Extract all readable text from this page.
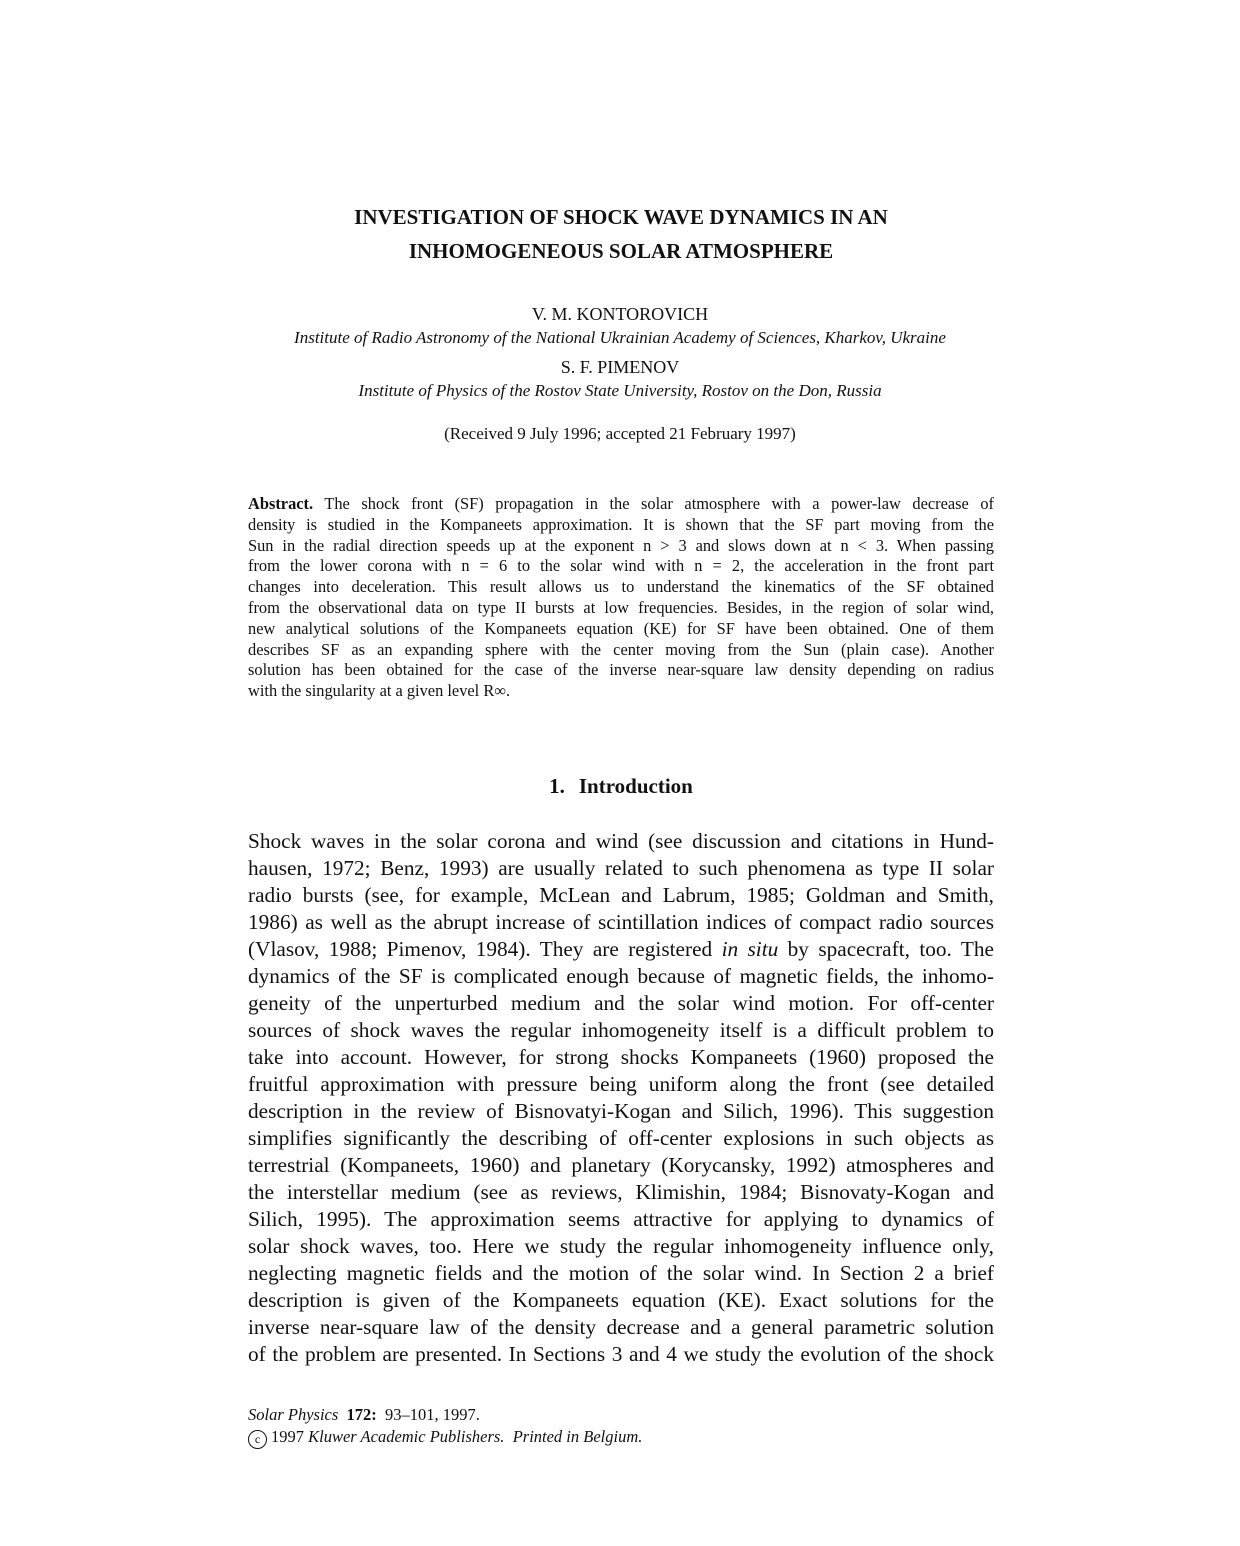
INVESTIGATION OF SHOCK WAVE DYNAMICS IN AN
INHOMOGENEOUS SOLAR ATMOSPHERE
V. M. KONTOROVICH
Institute of Radio Astronomy of the National Ukrainian Academy of Sciences, Kharkov, Ukraine
S. F. PIMENOV
Institute of Physics of the Rostov State University, Rostov on the Don, Russia
(Received 9 July 1996; accepted 21 February 1997)
Abstract. The shock front (SF) propagation in the solar atmosphere with a power-law decrease of
density is studied in the Kompaneets approximation. It is shown that the SF part moving from the
Sun in the radial direction speeds up at the exponent n > 3 and slows down at n < 3. When passing
from the lower corona with n = 6 to the solar wind with n = 2, the acceleration in the front part
changes into deceleration. This result allows us to understand the kinematics of the SF obtained
from the observational data on type II bursts at low frequencies. Besides, in the region of solar wind,
new analytical solutions of the Kompaneets equation (KE) for SF have been obtained. One of them
describes SF as an expanding sphere with the center moving from the Sun (plain case). Another
solution has been obtained for the case of the inverse near-square law density depending on radius
with the singularity at a given level R∞.
1. Introduction
Shock waves in the solar corona and wind (see discussion and citations in Hund-
hausen, 1972; Benz, 1993) are usually related to such phenomena as type II solar
radio bursts (see, for example, McLean and Labrum, 1985; Goldman and Smith,
1986) as well as the abrupt increase of scintillation indices of compact radio sources
(Vlasov, 1988; Pimenov, 1984). They are registered in situ by spacecraft, too. The
dynamics of the SF is complicated enough because of magnetic fields, the inhomo-
geneity of the unperturbed medium and the solar wind motion. For off-center
sources of shock waves the regular inhomogeneity itself is a difficult problem to
take into account. However, for strong shocks Kompaneets (1960) proposed the
fruitful approximation with pressure being uniform along the front (see detailed
description in the review of Bisnovatyi-Kogan and Silich, 1996). This suggestion
simplifies significantly the describing of off-center explosions in such objects as
terrestrial (Kompaneets, 1960) and planetary (Korycansky, 1992) atmospheres and
the interstellar medium (see as reviews, Klimishin, 1984; Bisnovaty-Kogan and
Silich, 1995). The approximation seems attractive for applying to dynamics of
solar shock waves, too. Here we study the regular inhomogeneity influence only,
neglecting magnetic fields and the motion of the solar wind. In Section 2 a brief
description is given of the Kompaneets equation (KE). Exact solutions for the
inverse near-square law of the density decrease and a general parametric solution
of the problem are presented. In Sections 3 and 4 we study the evolution of the shock
Solar Physics 172: 93–101, 1997.
c 1997 Kluwer Academic Publishers. Printed in Belgium.
